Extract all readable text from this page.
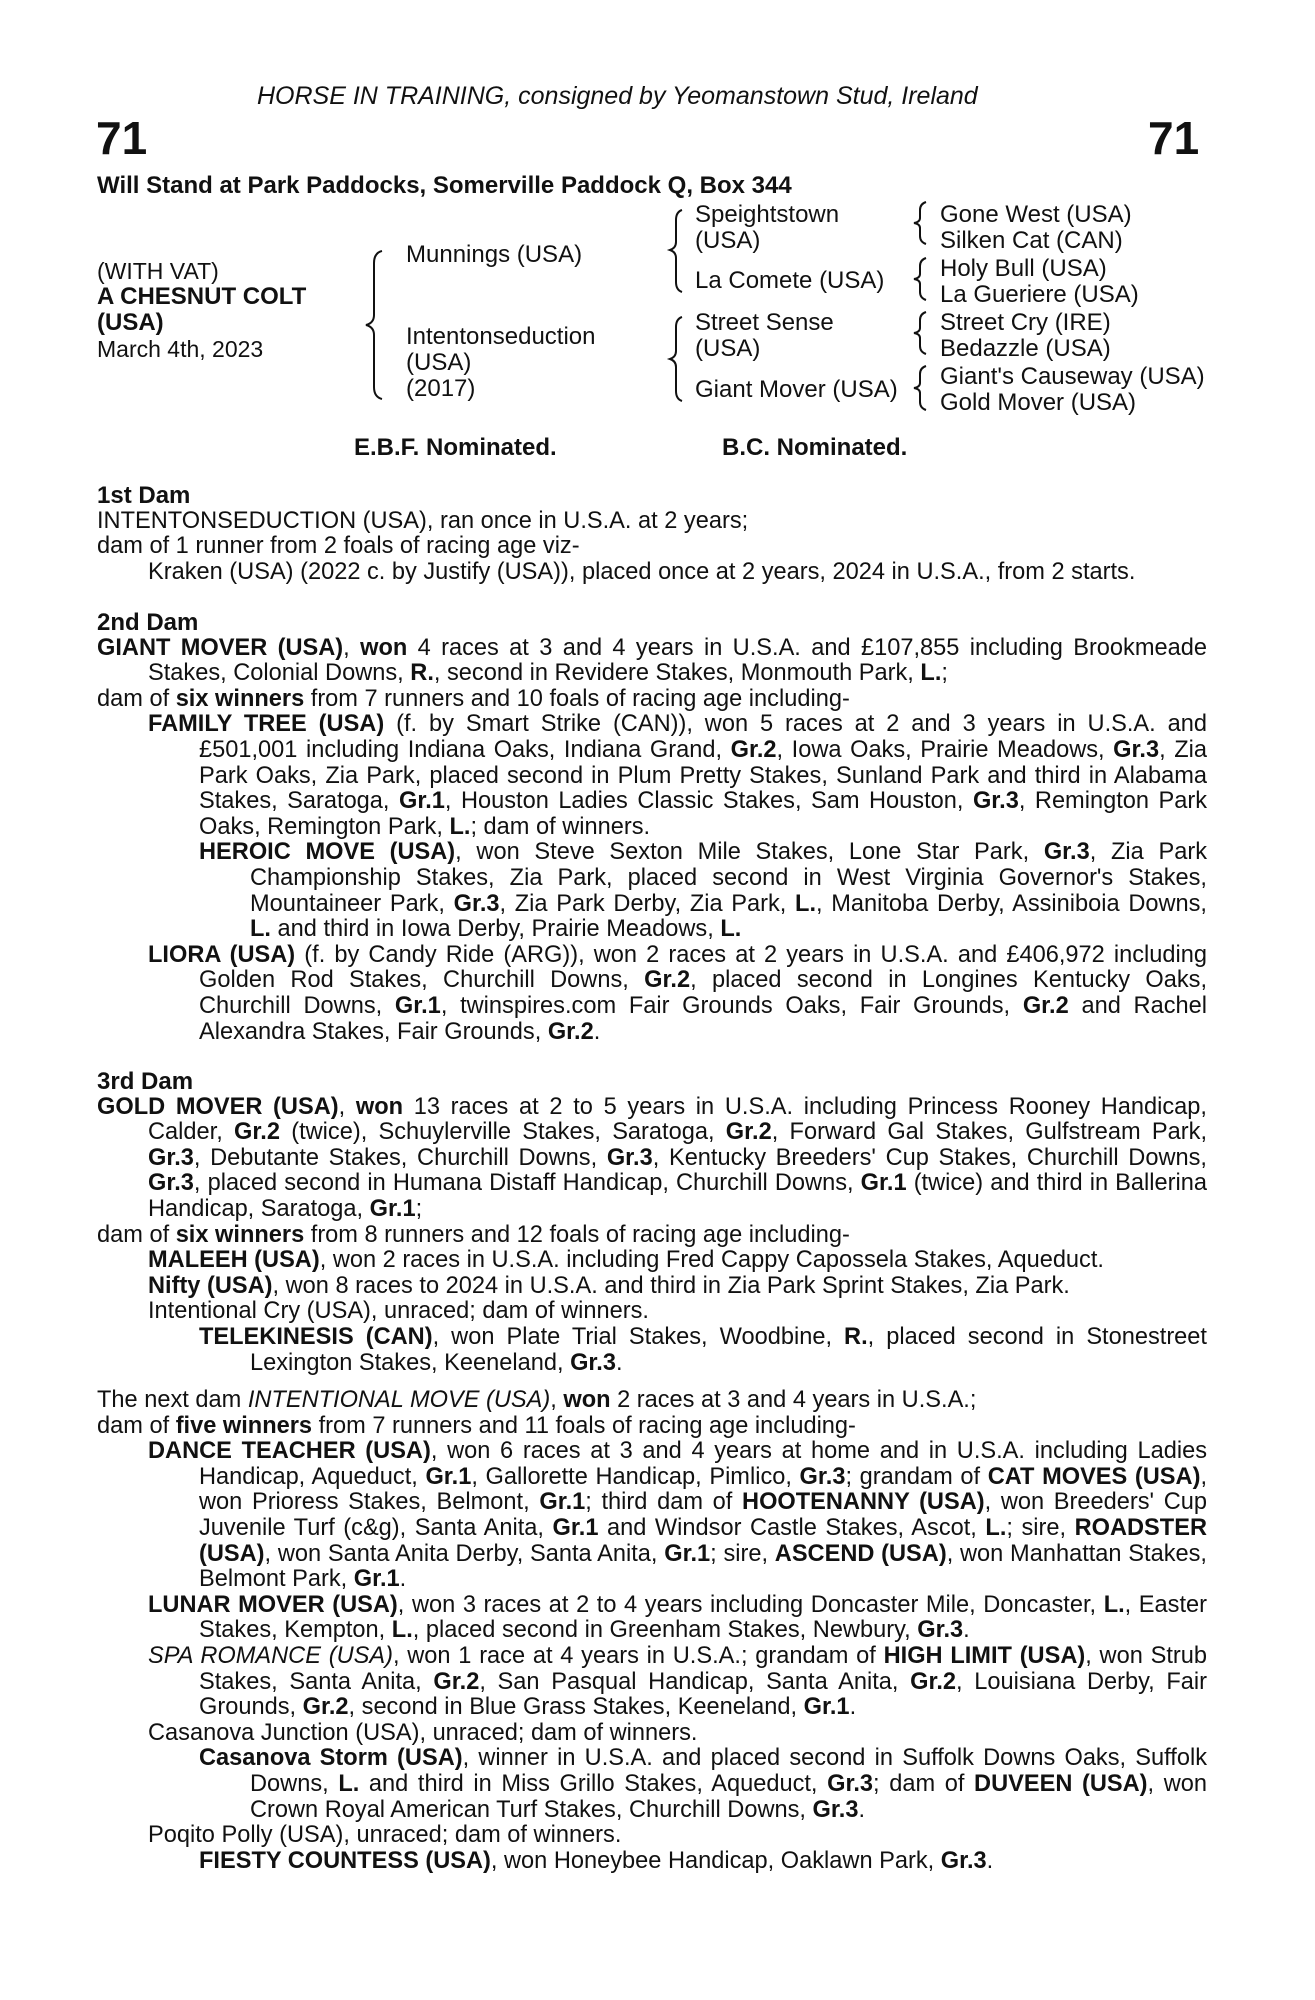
HORSE IN TRAINING, consigned by Yeomanstown Stud, Ireland
71	71
Will Stand at Park Paddocks, Somerville Paddock Q, Box 344
(WITH VAT)
A CHESNUT COLT
(USA)
March 4th, 2023
Munnings (USA)
Intentonseduction
(USA)
(2017)
Speightstown
(USA)
La Comete (USA)
Street Sense
(USA)
Giant Mover (USA)
Gone West (USA)
Silken Cat (CAN)
Holy Bull (USA)
La Gueriere (USA)
Street Cry (IRE)
Bedazzle (USA)
Giant's Causeway (USA)
Gold Mover (USA)
E.B.F. Nominated.	B.C. Nominated.

1st Dam

INTENTONSEDUCTION (USA), ran once in U.S.A. at 2 years;

dam of 1 runner from 2 foals of racing age viz-

Kraken (USA) (2022 c. by Justify (USA)), placed once at 2 years, 2024 in U.S.A., from 2 starts.

2nd Dam

GIANT MOVER (USA), won 4 races at 3 and 4 years in U.S.A. and £107,855 including Brookmeade Stakes, Colonial Downs, R., second in Revidere Stakes, Monmouth Park, L.;

dam of six winners from 7 runners and 10 foals of racing age including-

FAMILY TREE (USA) (f. by Smart Strike (CAN)), won 5 races at 2 and 3 years in U.S.A. and £501,001 including Indiana Oaks, Indiana Grand, Gr.2, Iowa Oaks, Prairie Meadows, Gr.3, Zia Park Oaks, Zia Park, placed second in Plum Pretty Stakes, Sunland Park and third in Alabama Stakes, Saratoga, Gr.1, Houston Ladies Classic Stakes, Sam Houston, Gr.3, Remington Park Oaks, Remington Park, L.; dam of winners.

HEROIC MOVE (USA), won Steve Sexton Mile Stakes, Lone Star Park, Gr.3, Zia Park Championship Stakes, Zia Park, placed second in West Virginia Governor's Stakes, Mountaineer Park, Gr.3, Zia Park Derby, Zia Park, L., Manitoba Derby, Assiniboia Downs, L. and third in Iowa Derby, Prairie Meadows, L.

LIORA (USA) (f. by Candy Ride (ARG)), won 2 races at 2 years in U.S.A. and £406,972 including Golden Rod Stakes, Churchill Downs, Gr.2, placed second in Longines Kentucky Oaks, Churchill Downs, Gr.1, twinspires.com Fair Grounds Oaks, Fair Grounds, Gr.2 and Rachel Alexandra Stakes, Fair Grounds, Gr.2.

3rd Dam

GOLD MOVER (USA), won 13 races at 2 to 5 years in U.S.A. including Princess Rooney Handicap, Calder, Gr.2 (twice), Schuylerville Stakes, Saratoga, Gr.2, Forward Gal Stakes, Gulfstream Park, Gr.3, Debutante Stakes, Churchill Downs, Gr.3, Kentucky Breeders' Cup Stakes, Churchill Downs, Gr.3, placed second in Humana Distaff Handicap, Churchill Downs, Gr.1 (twice) and third in Ballerina Handicap, Saratoga, Gr.1;

dam of six winners from 8 runners and 12 foals of racing age including-

MALEEH (USA), won 2 races in U.S.A. including Fred Cappy Capossela Stakes, Aqueduct.

Nifty (USA), won 8 races to 2024 in U.S.A. and third in Zia Park Sprint Stakes, Zia Park.

Intentional Cry (USA), unraced; dam of winners.

TELEKINESIS (CAN), won Plate Trial Stakes, Woodbine, R., placed second in Stonestreet Lexington Stakes, Keeneland, Gr.3.

The next dam INTENTIONAL MOVE (USA), won 2 races at 3 and 4 years in U.S.A.;

dam of five winners from 7 runners and 11 foals of racing age including-

DANCE TEACHER (USA), won 6 races at 3 and 4 years at home and in U.S.A. including Ladies Handicap, Aqueduct, Gr.1, Gallorette Handicap, Pimlico, Gr.3; grandam of CAT MOVES (USA), won Prioress Stakes, Belmont, Gr.1; third dam of HOOTENANNY (USA), won Breeders' Cup Juvenile Turf (c&g), Santa Anita, Gr.1 and Windsor Castle Stakes, Ascot, L.; sire, ROADSTER (USA), won Santa Anita Derby, Santa Anita, Gr.1; sire, ASCEND (USA), won Manhattan Stakes, Belmont Park, Gr.1.

LUNAR MOVER (USA), won 3 races at 2 to 4 years including Doncaster Mile, Doncaster, L., Easter Stakes, Kempton, L., placed second in Greenham Stakes, Newbury, Gr.3.

SPA ROMANCE (USA), won 1 race at 4 years in U.S.A.; grandam of HIGH LIMIT (USA), won Strub Stakes, Santa Anita, Gr.2, San Pasqual Handicap, Santa Anita, Gr.2, Louisiana Derby, Fair Grounds, Gr.2, second in Blue Grass Stakes, Keeneland, Gr.1.

Casanova Junction (USA), unraced; dam of winners.

Casanova Storm (USA), winner in U.S.A. and placed second in Suffolk Downs Oaks, Suffolk Downs, L. and third in Miss Grillo Stakes, Aqueduct, Gr.3; dam of DUVEEN (USA), won Crown Royal American Turf Stakes, Churchill Downs, Gr.3.

Poqito Polly (USA), unraced; dam of winners.

FIESTY COUNTESS (USA), won Honeybee Handicap, Oaklawn Park, Gr.3.
